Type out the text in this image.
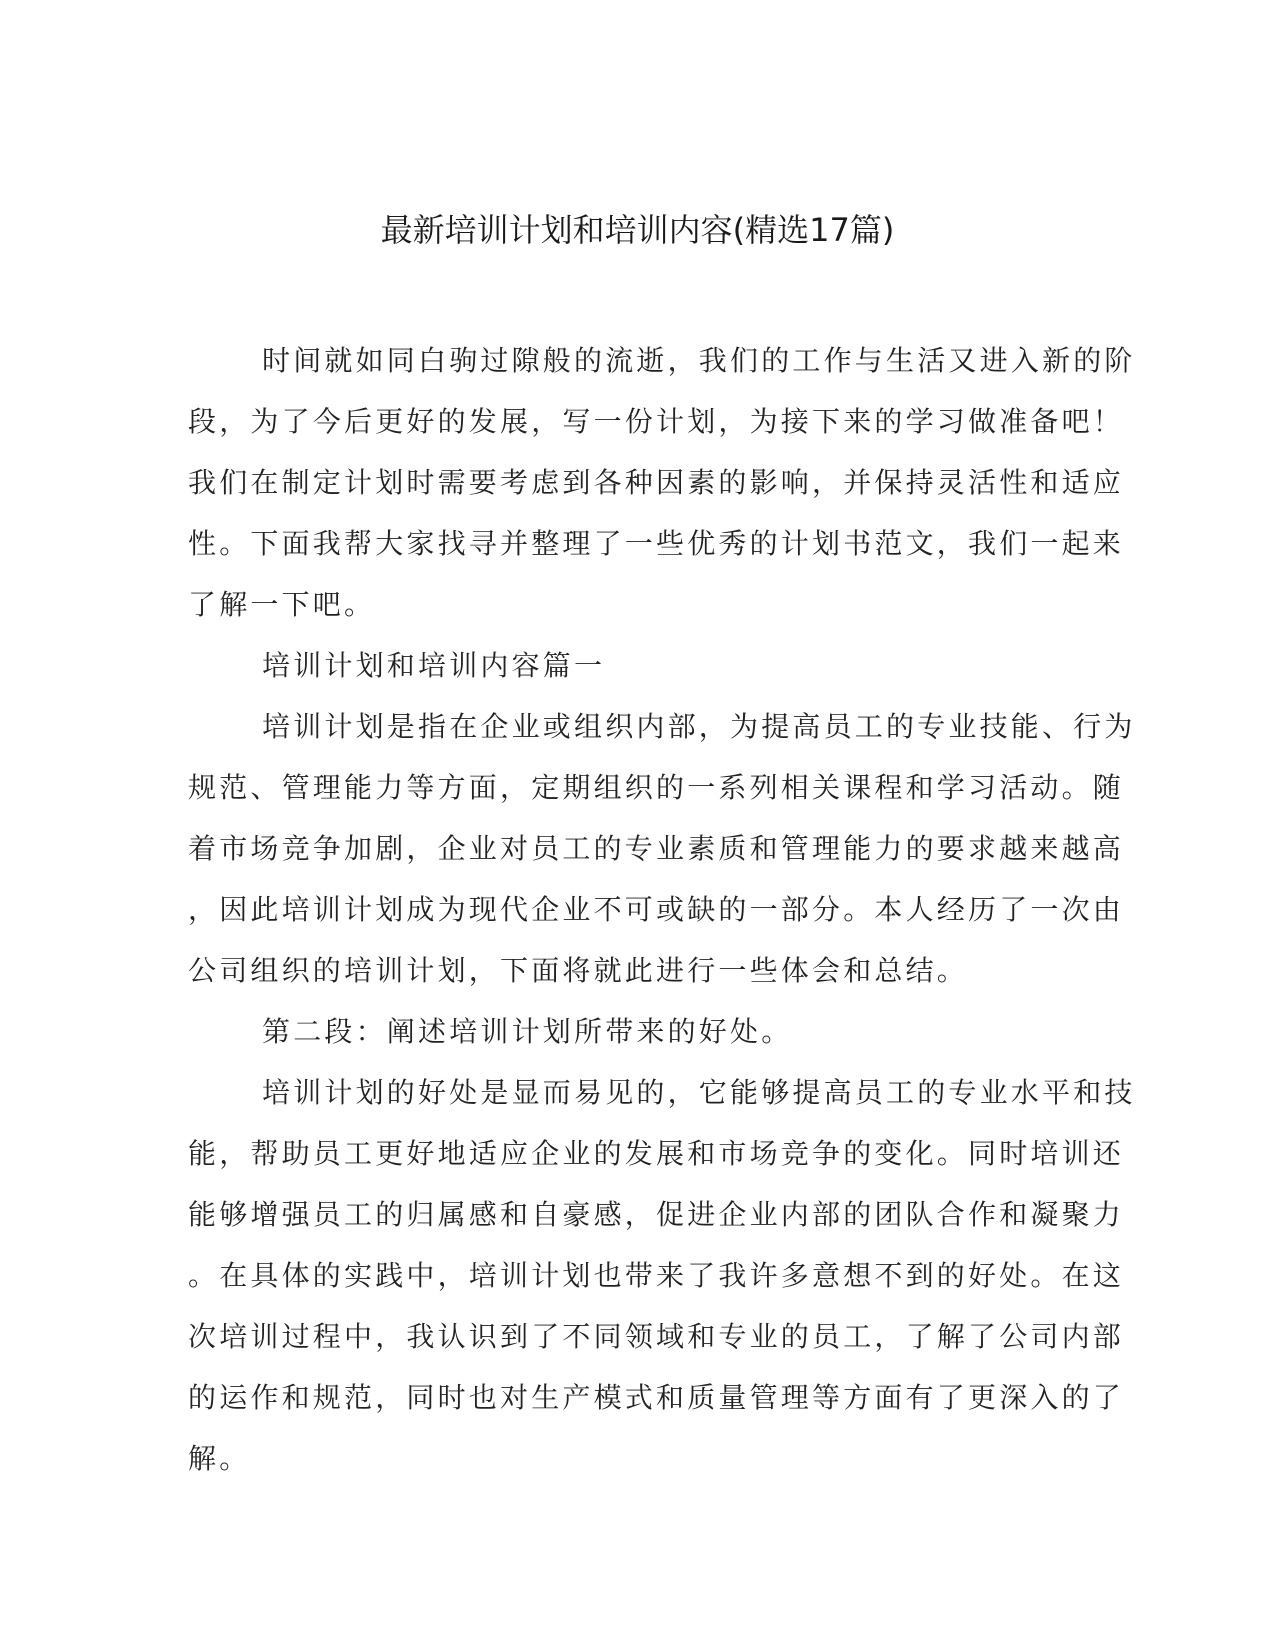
最新培训计划和培训内容(精选17篇)
时间就如同白驹过隙般的流逝，我们的工作与生活又进入新的阶
段，为了今后更好的发展，写一份计划，为接下来的学习做准备吧！
我们在制定计划时需要考虑到各种因素的影响，并保持灵活性和适应
性。下面我帮大家找寻并整理了一些优秀的计划书范文，我们一起来
了解一下吧。
培训计划和培训内容篇一
培训计划是指在企业或组织内部，为提高员工的专业技能、行为
规范、管理能力等方面，定期组织的一系列相关课程和学习活动。随
着市场竞争加剧，企业对员工的专业素质和管理能力的要求越来越高
，因此培训计划成为现代企业不可或缺的一部分。本人经历了一次由
公司组织的培训计划，下面将就此进行一些体会和总结。
第二段：阐述培训计划所带来的好处。
培训计划的好处是显而易见的，它能够提高员工的专业水平和技
能，帮助员工更好地适应企业的发展和市场竞争的变化。同时培训还
能够增强员工的归属感和自豪感，促进企业内部的团队合作和凝聚力
。在具体的实践中，培训计划也带来了我许多意想不到的好处。在这
次培训过程中，我认识到了不同领域和专业的员工，了解了公司内部
的运作和规范，同时也对生产模式和质量管理等方面有了更深入的了
解。
